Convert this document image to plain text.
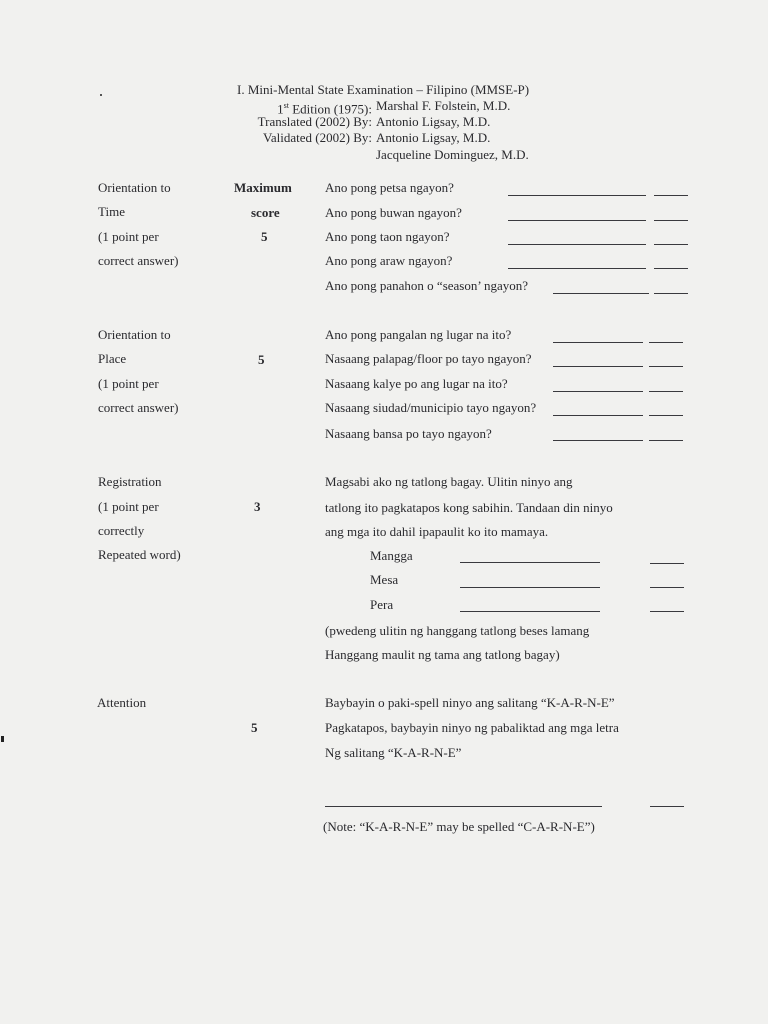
I. Mini-Mental State Examination – Filipino (MMSE-P)
1st Edition (1975): Marshal F. Folstein, M.D.
Translated (2002) By: Antonio Ligsay, M.D.
Validated (2002) By: Antonio Ligsay, M.D.
Jacqueline Dominguez, M.D.
Orientation to
Time
(1 point per
correct answer)
Maximum
score
5
Ano pong petsa ngayon?
Ano pong buwan ngayon?
Ano pong taon ngayon?
Ano pong araw ngayon?
Ano pong panahon o “season’ ngayon?
Orientation to
Place
(1 point per
correct answer)
5
Ano pong pangalan ng lugar na ito?
Nasaang palapag/floor po tayo ngayon?
Nasaang kalye po ang lugar na ito?
Nasaang siudad/municipio tayo ngayon?
Nasaang bansa po tayo ngayon?
Registration
(1 point per
correctly
Repeated word)
3
Magsabi ako ng tatlong bagay. Ulitin ninyo ang
tatlong ito pagkatapos kong sabihin. Tandaan din ninyo
ang mga ito dahil ipapaulit ko ito mamaya.
Mangga
Mesa
Pera
(pwedeng ulitin ng hanggang tatlong beses lamang
Hanggang maulit ng tama ang tatlong bagay)
Attention
5
Baybayin o paki-spell ninyo ang salitang “K-A-R-N-E”
Pagkatapos, baybayin ninyo ng pabaliktad ang mga letra
Ng salitang “K-A-R-N-E”
(Note: “K-A-R-N-E” may be spelled “C-A-R-N-E”)
